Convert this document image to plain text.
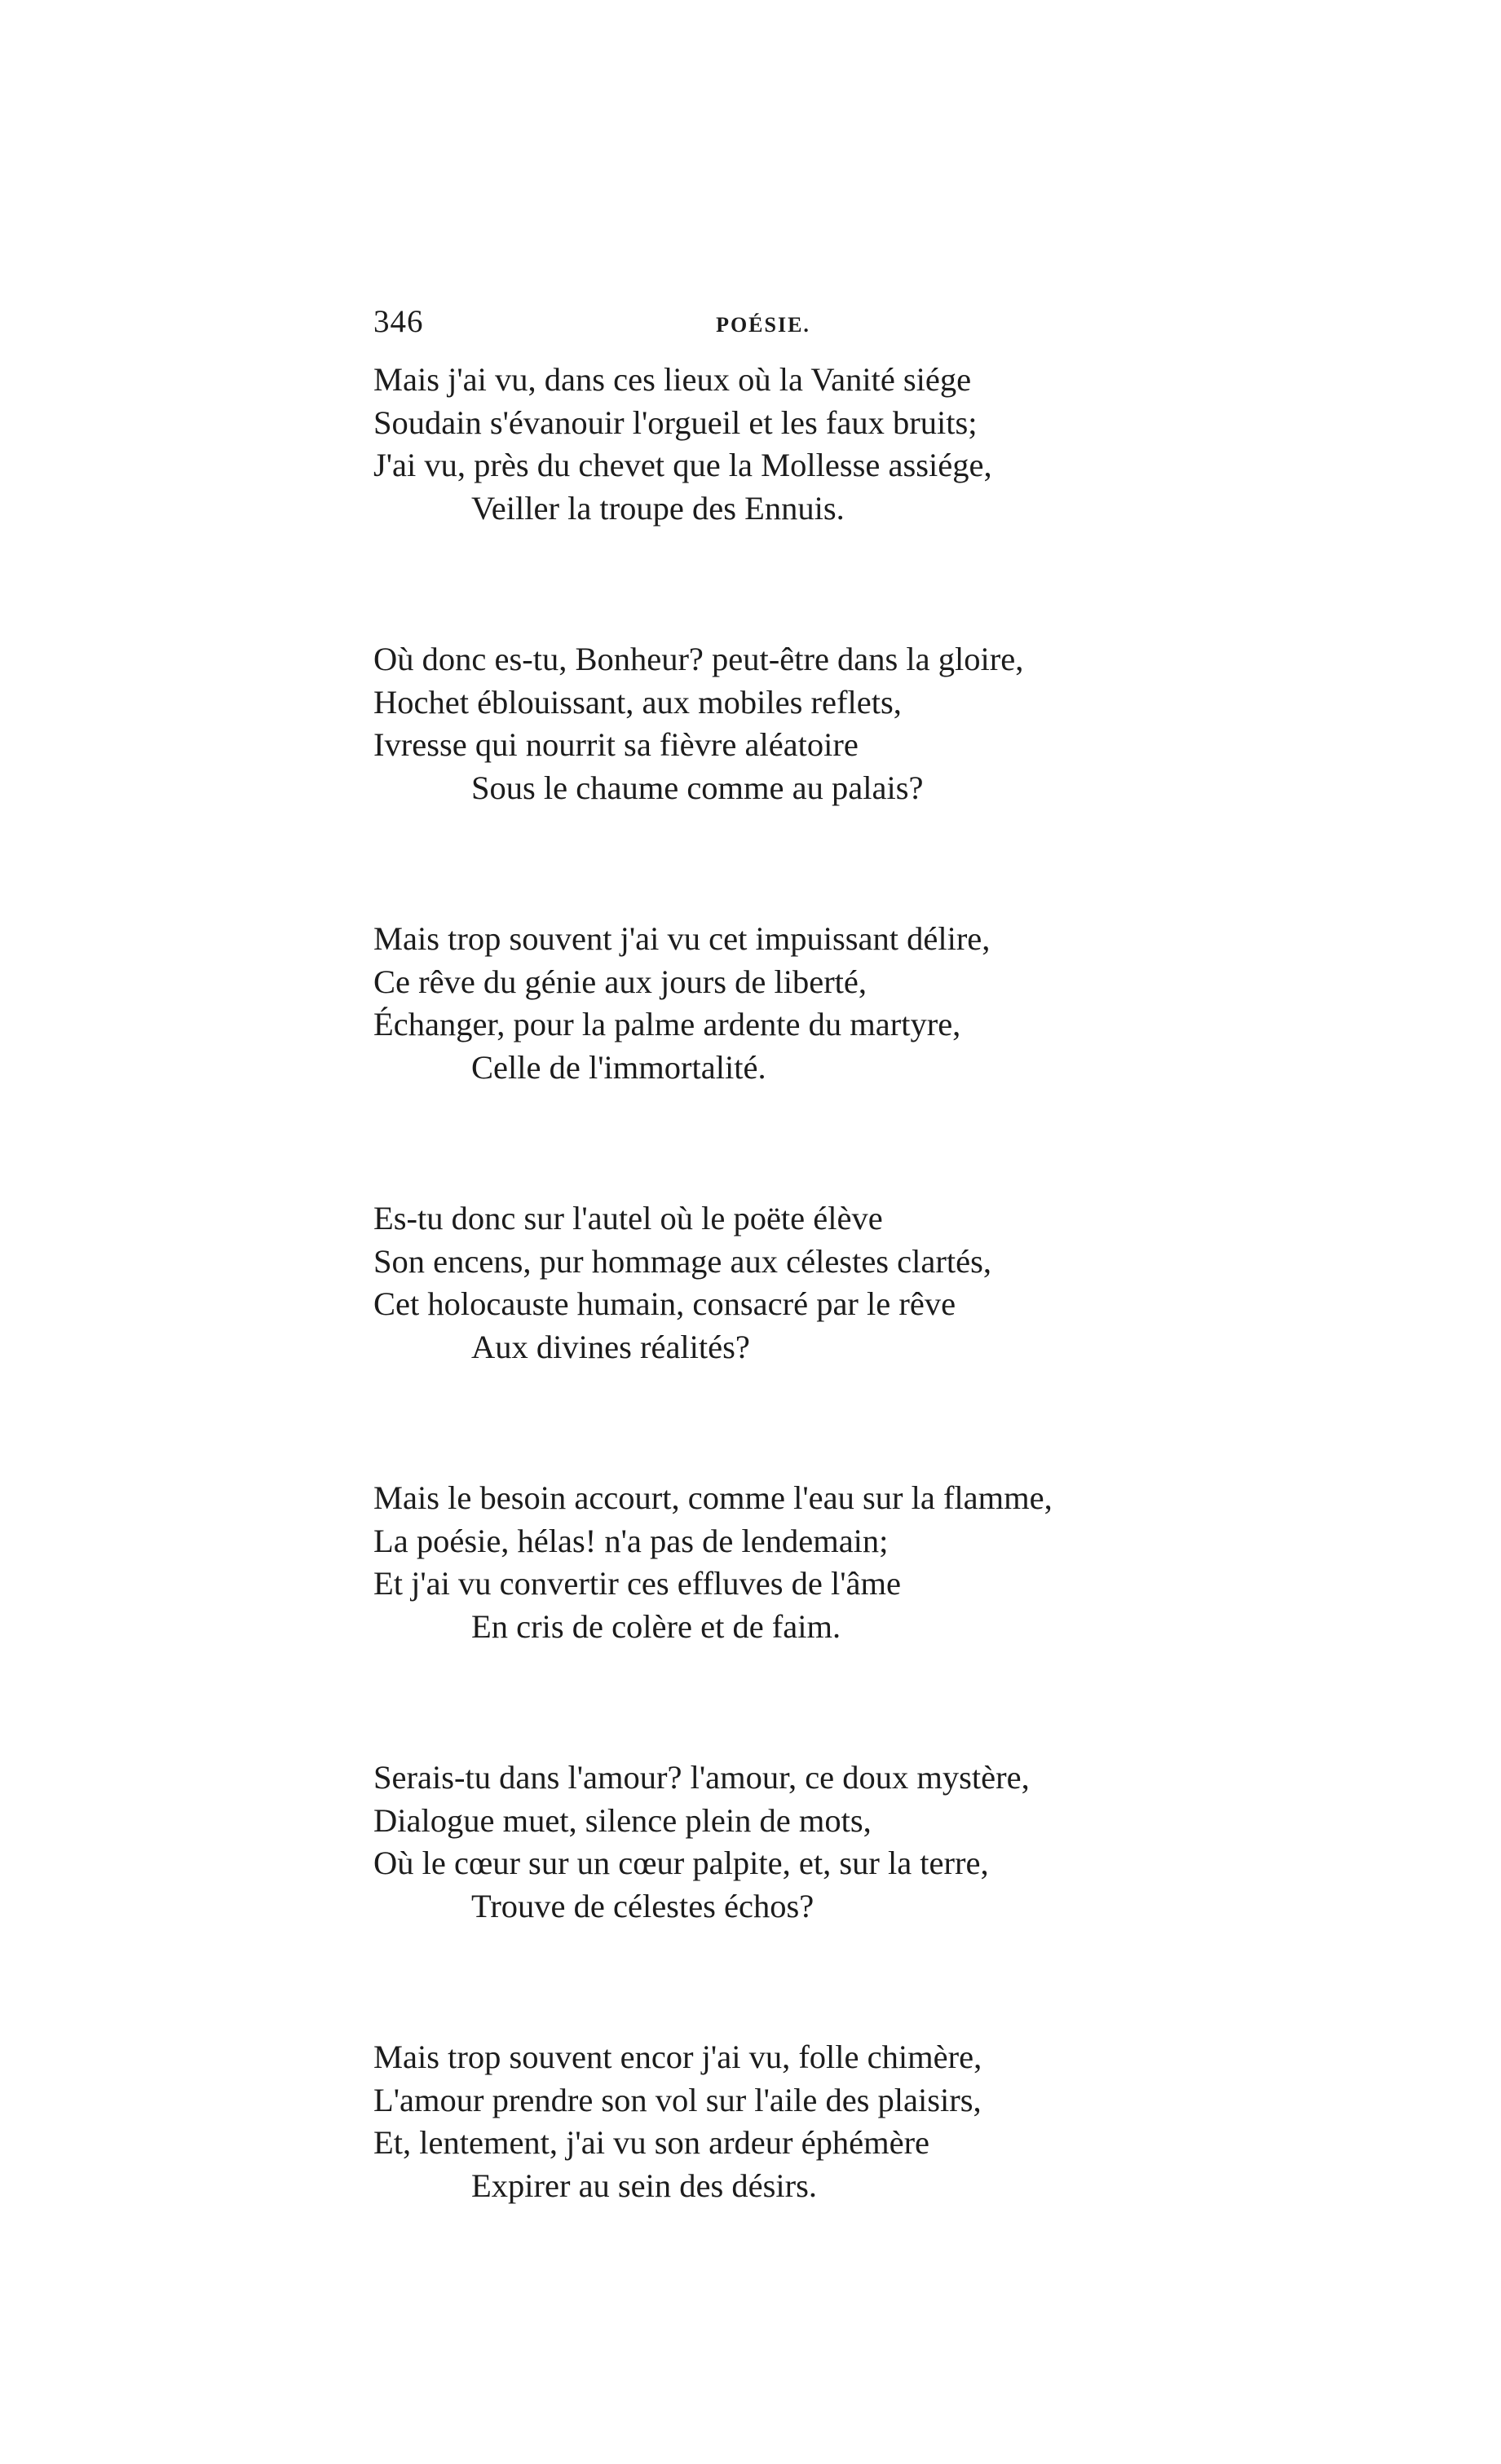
346	POÉSIE.
Mais j'ai vu, dans ces lieux où la Vanité siége
Soudain s'évanouir l'orgueil et les faux bruits;
J'ai vu, près du chevet que la Mollesse assiége,
Veiller la troupe des Ennuis.
Où donc es-tu, Bonheur? peut-être dans la gloire,
Hochet éblouissant, aux mobiles reflets,
Ivresse qui nourrit sa fièvre aléatoire
Sous le chaume comme au palais?
Mais trop souvent j'ai vu cet impuissant délire,
Ce rêve du génie aux jours de liberté,
Échanger, pour la palme ardente du martyre,
Celle de l'immortalité.
Es-tu donc sur l'autel où le poëte élève
Son encens, pur hommage aux célestes clartés,
Cet holocauste humain, consacré par le rêve
Aux divines réalités?
Mais le besoin accourt, comme l'eau sur la flamme,
La poésie, hélas! n'a pas de lendemain;
Et j'ai vu convertir ces effluves de l'âme
En cris de colère et de faim.
Serais-tu dans l'amour? l'amour, ce doux mystère,
Dialogue muet, silence plein de mots,
Où le cœur sur un cœur palpite, et, sur la terre,
Trouve de célestes échos?
Mais trop souvent encor j'ai vu, folle chimère,
L'amour prendre son vol sur l'aile des plaisirs,
Et, lentement, j'ai vu son ardeur éphémère
Expirer au sein des désirs.
